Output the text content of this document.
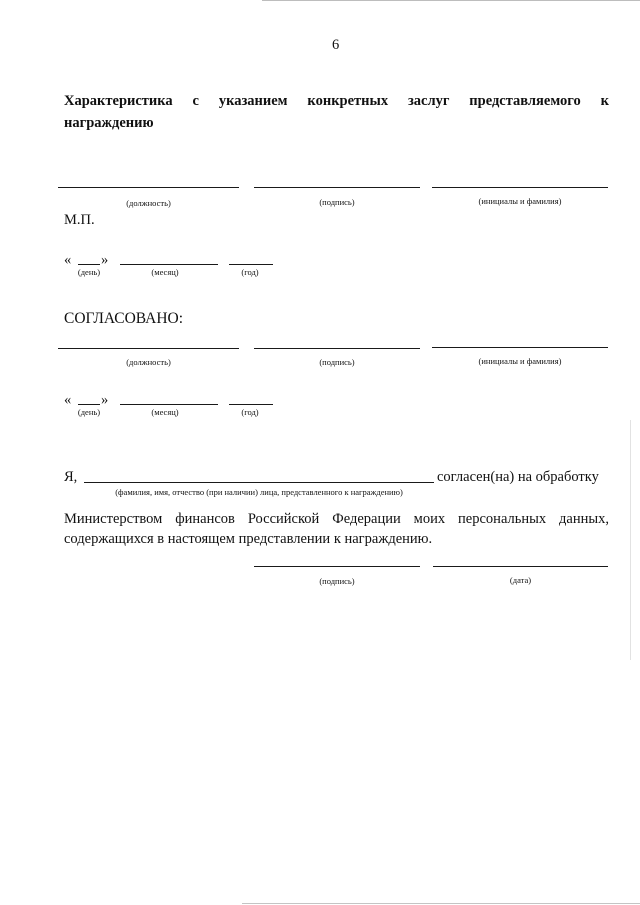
6
Характеристика с указанием конкретных заслуг представляемого к
награждению
(должность)	(подпись)	(инициалы и фамилия)
М.П.
« »
(день)	(месяц)	(год)
СОГЛАСОВАНО:
(должность)	(подпись)	(инициалы и фамилия)
« »
(день)	(месяц)	(год)
Я,	согласен(на) на обработку
(фамилия, имя, отчество (при наличии) лица, представленного к награждению)
Министерством финансов Российской Федерации моих персональных данных,
содержащихся в настоящем представлении к награждению.
(подпись)	(дата)
